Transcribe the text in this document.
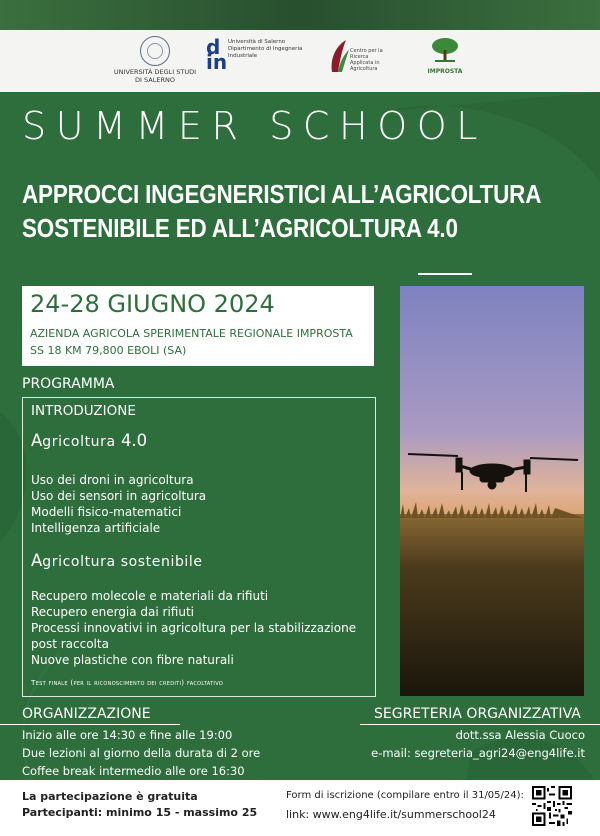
UNIVERSITÀ DEGLI STUDI DI SALERNO
d in
Università di Salerno Dipartimento di Ingegneria Industriale
Centro per la Ricerca Applicata in Agricoltura	IMPROSTA
SUMMER SCHOOL
APPROCCI INGEGNERISTICI ALL’AGRICOLTURA
SOSTENIBILE ED ALL’AGRICOLTURA 4.0
24-28 GIUGNO 2024
AZIENDA AGRICOLA SPERIMENTALE REGIONALE IMPROSTA
SS 18 KM 79,800 EBOLI (SA)
PROGRAMMA
INTRODUZIONE
Agricoltura 4.0
Uso dei droni in agricoltura
Uso dei sensori in agricoltura
Modelli fisico-matematici
Intelligenza artificiale
Agricoltura sostenibile
Recupero molecole e materiali da rifiuti
Recupero energia dai rifiuti
Processi innovativi in agricoltura per la stabilizzazione
post raccolta
Nuove plastiche con fibre naturali
Test finale (per il riconoscimento dei crediti) facoltativo
ORGANIZZAZIONE
Inizio alle ore 14:30 e fine alle 19:00
Due lezioni al giorno della durata di 2 ore
Coffee break intermedio alle ore 16:30
SEGRETERIA ORGANIZZATIVA
dott.ssa Alessia Cuoco
e-mail: segreteria_agri24@eng4life.it
La partecipazione è gratuita
Partecipanti: minimo 15 - massimo 25
Form di iscrizione (compilare entro il 31/05/24):
link: www.eng4life.it/summerschool24
